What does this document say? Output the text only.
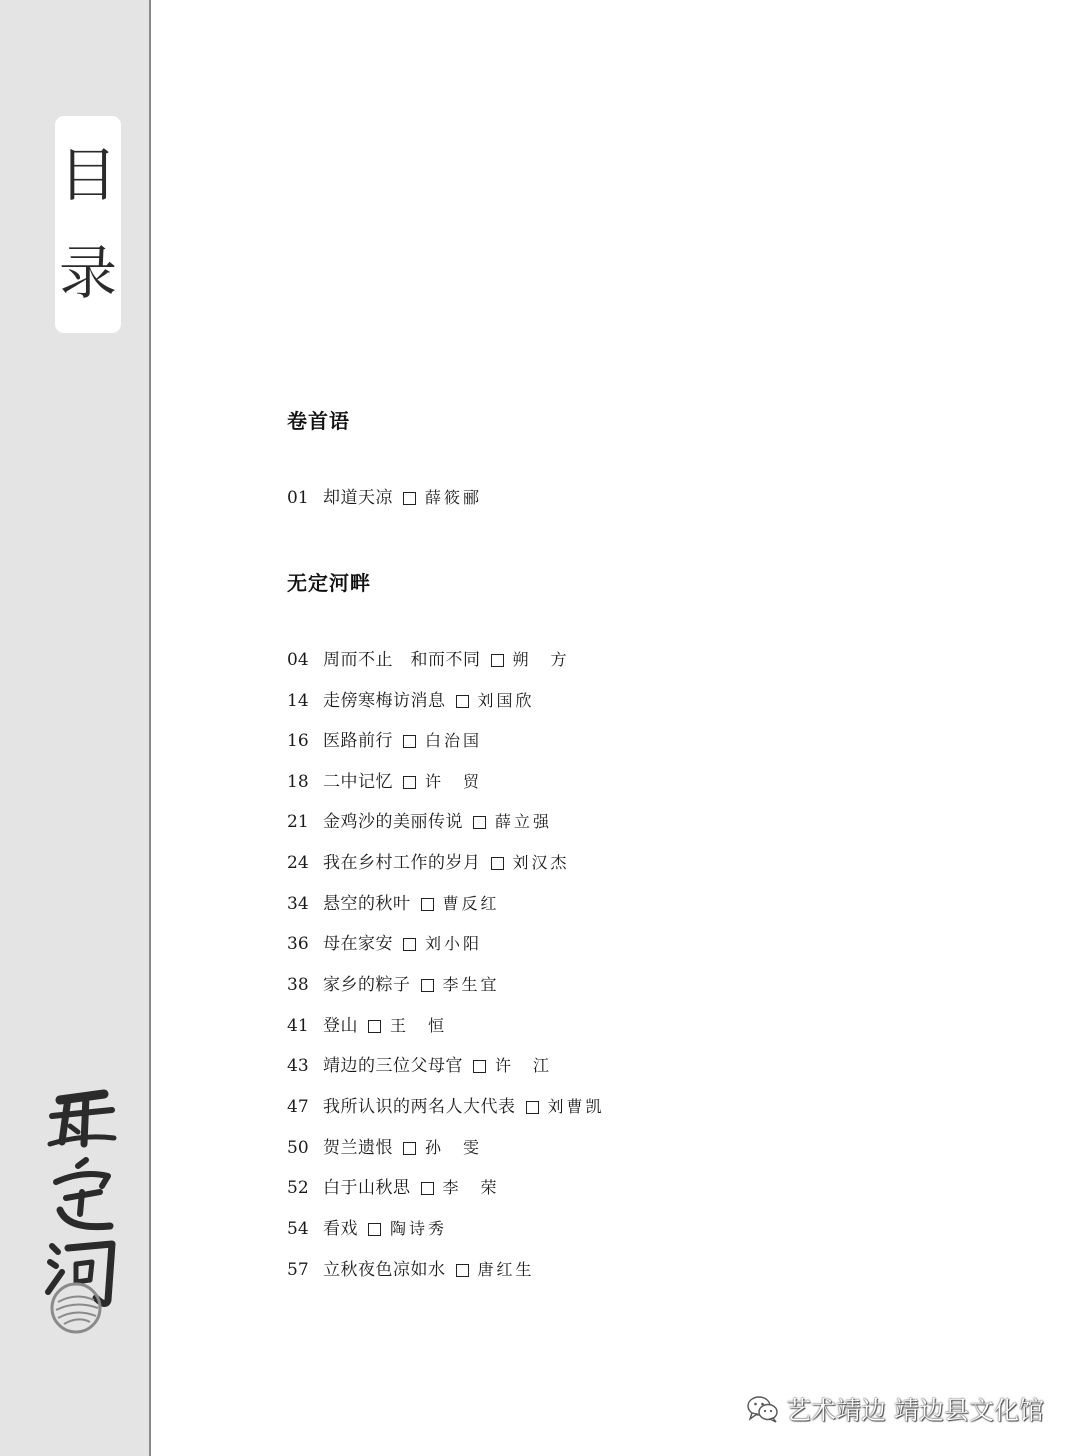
目
录
卷首语
01 却道天凉 薛筱郦
无定河畔
04 周而不止　和而不同 朔　方
14 走傍寒梅访消息 刘国欣
16 医路前行 白治国
18 二中记忆 许　贸
21 金鸡沙的美丽传说 薛立强
24 我在乡村工作的岁月 刘汉杰
34 悬空的秋叶 曹反红
36 母在家安 刘小阳
38 家乡的粽子 李生宜
41 登山 王　恒
43 靖边的三位父母官 许　江
47 我所认识的两名人大代表 刘曹凯
50 贺兰遗恨 孙　雯
52 白于山秋思 李　荣
54 看戏 陶诗秀
57 立秋夜色凉如水 唐红生
艺术靖边 靖边县文化馆
